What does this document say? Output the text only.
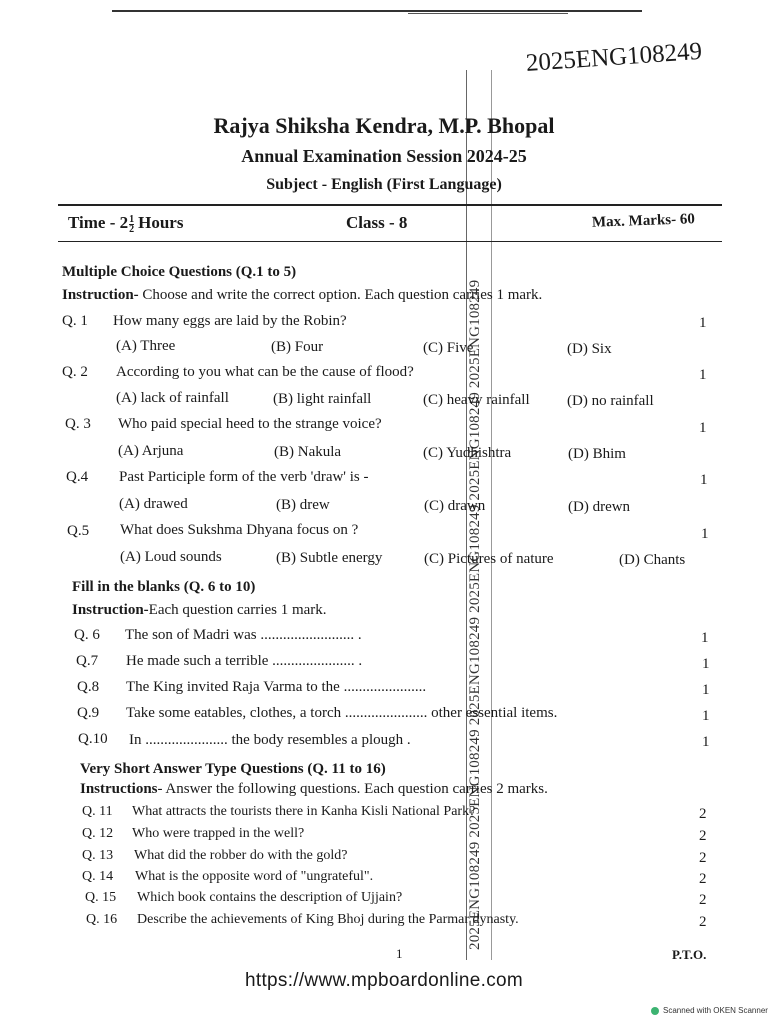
2025ENG108249
2025ENG108249 2025ENG108249 2025ENG108249 2025ENG108249 2025ENG108249 2025ENG108249
Rajya Shiksha Kendra, M.P. Bhopal
Annual Examination Session 2024-25
Subject - English (First Language)
Time - $2 \frac{1}{2}$ Hours	Class - 8	Max. Marks- 60
Multiple Choice Questions (Q.1 to 5)
Instruction- Choose and write the correct option. Each question carries 1 mark.
Q. 1 How many eggs are laid by the Robin?	1
(A) Three	(B) Four	(C) Five	(D) Six
Q. 2 According to you what can be the cause of flood?	1
(A) lack of rainfall	(B) light rainfall	(C) heavy rainfall (D) no rainfall
Q. 3 Who paid special heed to the strange voice?	1
(A) Arjuna	(B) Nakula	(C) Yudhishtra	(D) Bhim
Q.4 Past Participle form of the verb 'draw' is -	1
(A) drawed	(B) drew	(C) drawn	(D) drewn
Q.5 What does Sukshma Dhyana focus on ?	1
(A) Loud sounds	(B) Subtle energy	(C) Pictures of nature	(D) Chants
Fill in the blanks (Q. 6 to 10)
Instruction-Each question carries 1 mark.
Q. 6 The son of Madri was ......................... .	1
Q.7 He made such a terrible ...................... .	1
Q.8 The King invited Raja Varma to the ......................	1
Q.9 Take some eatables, clothes, a torch ...................... other essential items.	1
Q.10 In ...................... the body resembles a plough .	1
Very Short Answer Type Questions (Q. 11 to 16)
Instructions- Answer the following questions. Each question carries 2 marks.
Q. 11 What attracts the tourists there in Kanha Kisli National Park?	2
Q. 12 Who were trapped in the well?	2
Q. 13 What did the robber do with the gold?	2
Q. 14 What is the opposite word of "ungrateful".	2
Q. 15 Which book contains the description of Ujjain?	2
Q. 16 Describe the achievements of King Bhoj during the Parmar dynasty.	2
1	P.T.O.
https://www.mpboardonline.com
Scanned with OKEN Scanner
